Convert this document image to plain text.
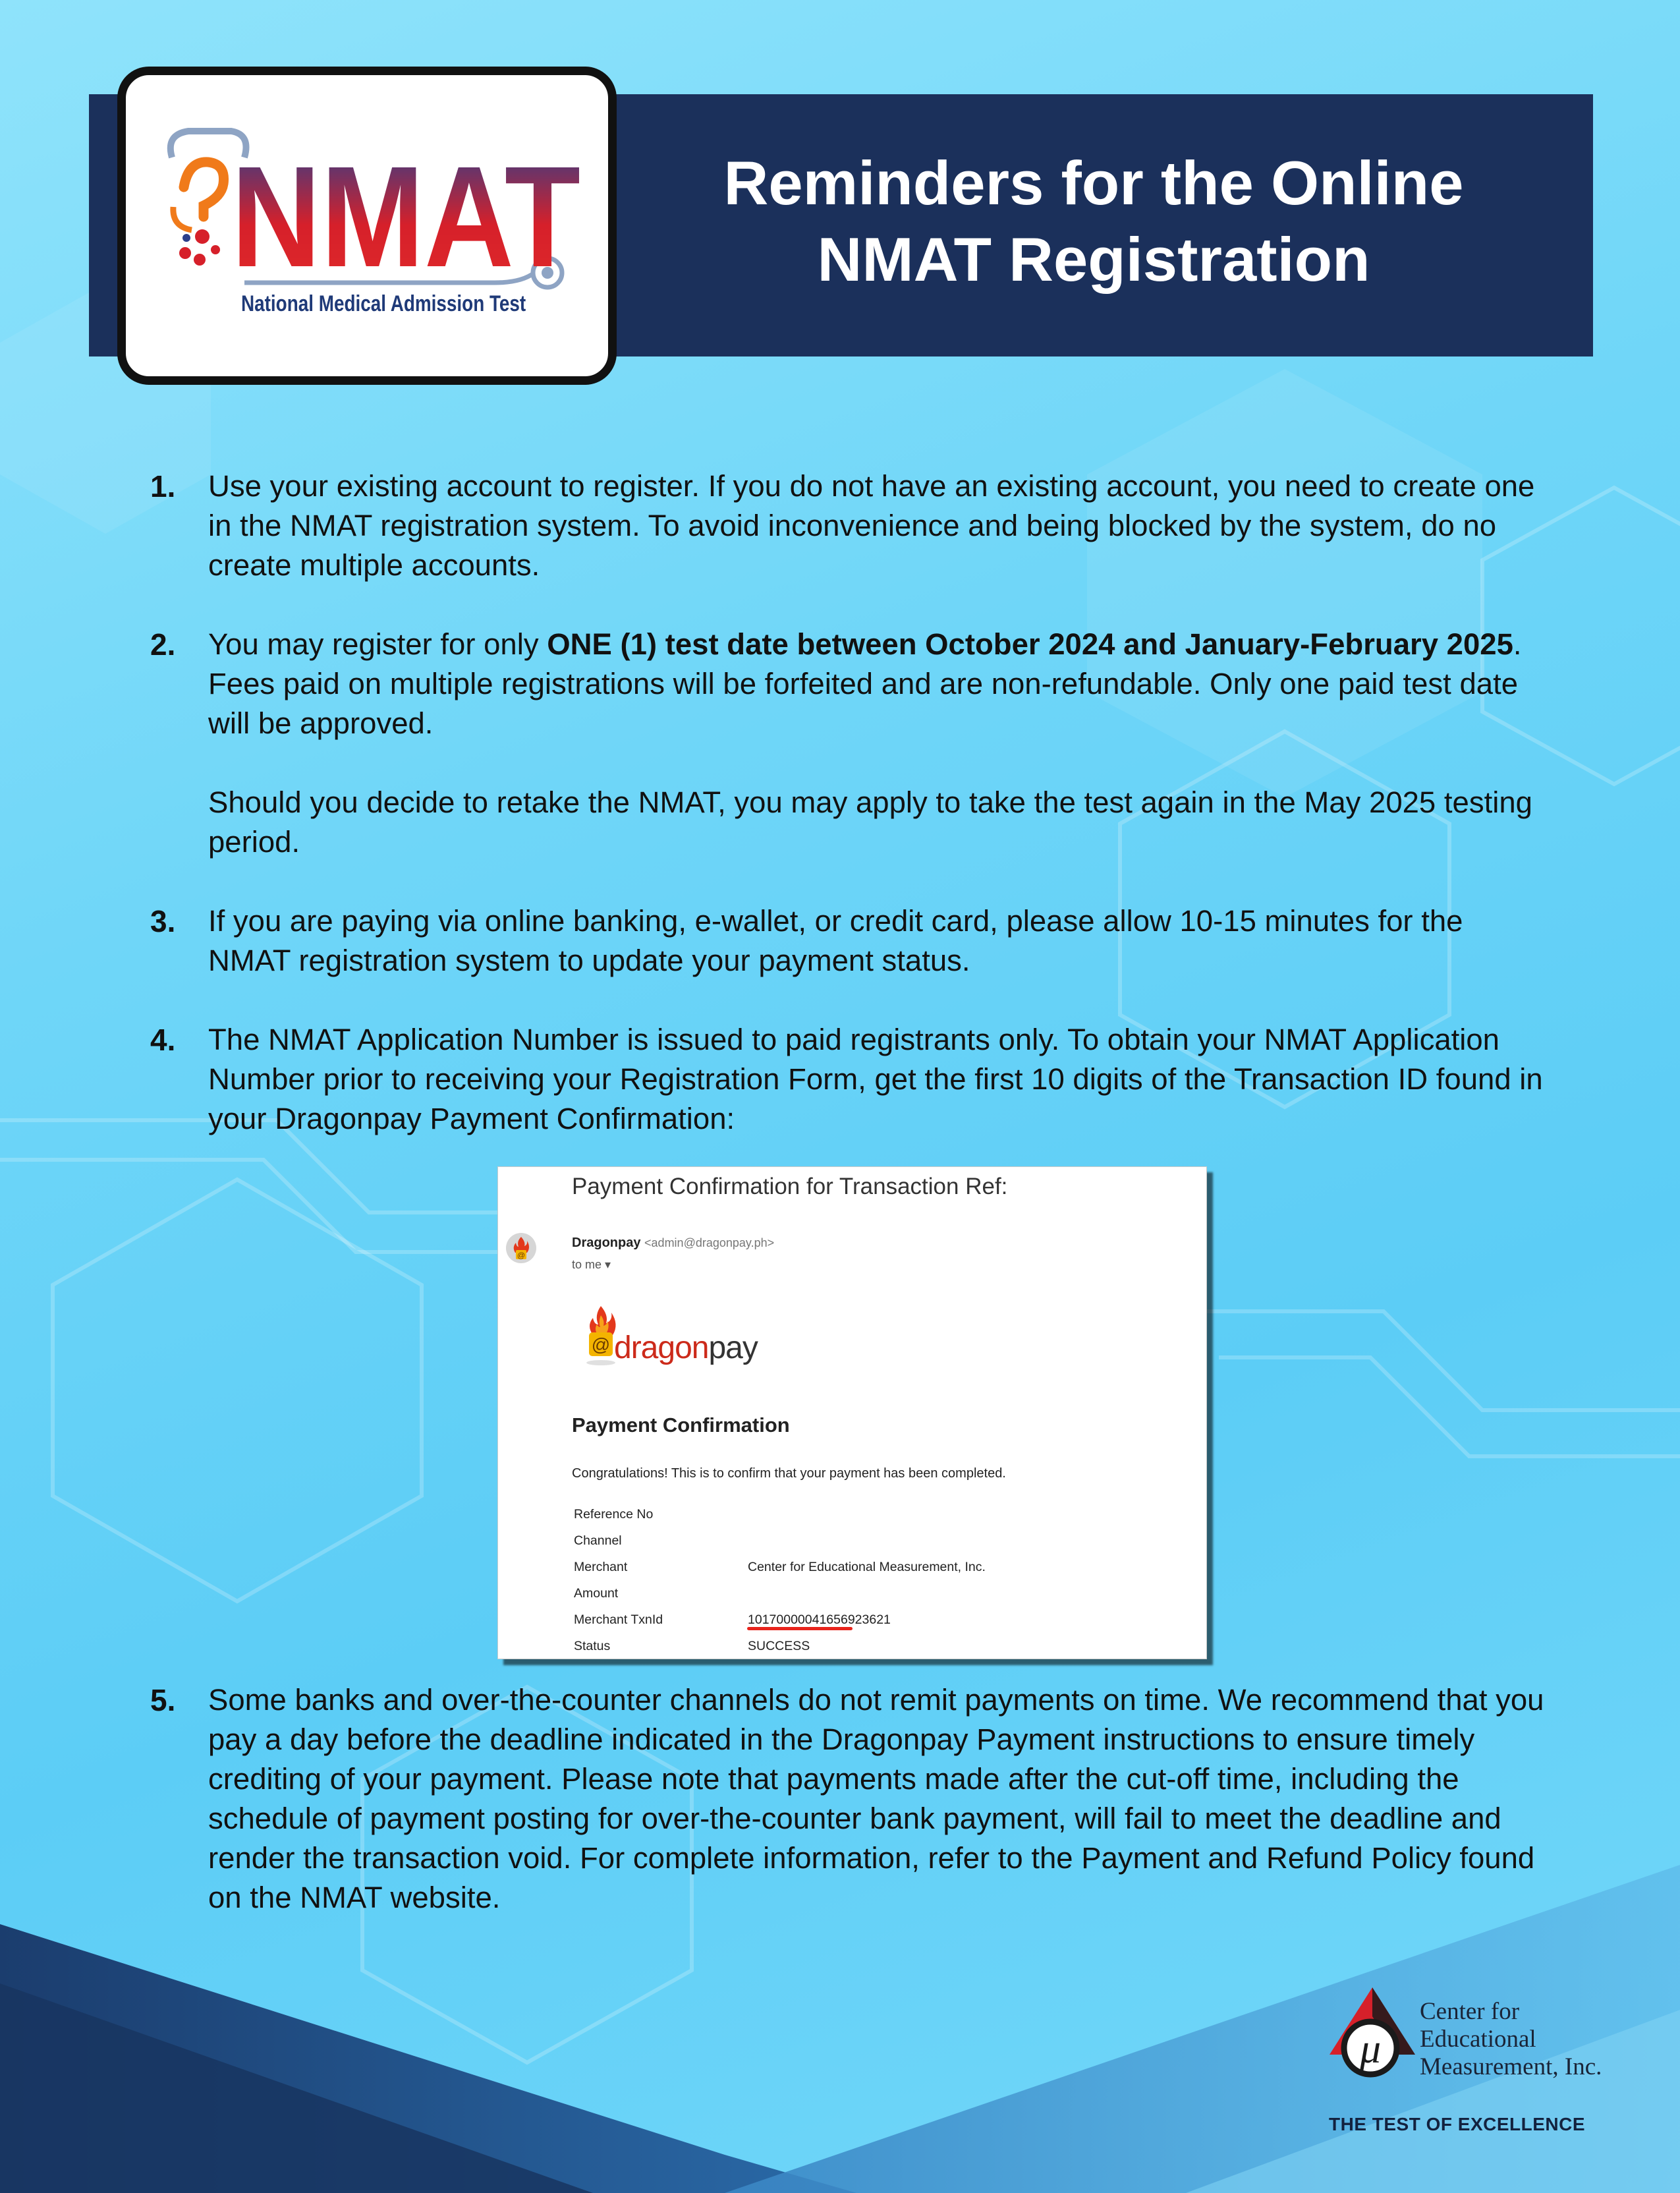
Reminders for the Online
NMAT Registration
NMAT
National Medical Admission Test
1. Use your existing account to register. If you do not have an existing account, you need to create one in the NMAT registration system. To avoid inconvenience and being blocked by the system, do no create multiple accounts.

2. You may register for only ONE (1) test date between October 2024 and January-February 2025. Fees paid on multiple registrations will be forfeited and are non-refundable. Only one paid test date will be approved.

Should you decide to retake the NMAT, you may apply to take the test again in the May 2025 testing period.

3. If you are paying via online banking, e-wallet, or credit card, please allow 10-15 minutes for the NMAT registration system to update your payment status.

4. The NMAT Application Number is issued to paid registrants only. To obtain your NMAT Application Number prior to receiving your Registration Form, get the first 10 digits of the Transaction ID found in your Dragonpay Payment Confirmation:

5. Some banks and over-the-counter channels do not remit payments on time. We recommend that you pay a day before the deadline indicated in the Dragonpay Payment instructions to ensure timely crediting of your payment. Please note that payments made after the cut-off time, including the schedule of payment posting for over-the-counter bank payment, will fail to meet the deadline and render the transaction void. For complete information, refer to the Payment and Refund Policy found on the NMAT website.

Payment Confirmation for Transaction Ref:
@
Dragonpay <admin@dragonpay.ph>
to me ▾
@ dragonpay
Payment Confirmation
Congratulations! This is to confirm that your payment has been completed.
Reference No
Channel
Merchant	Center for Educational Measurement, Inc.
Amount
Merchant TxnId	10170000041656923621
Status	SUCCESS
μ

Center for

Educational

Measurement, Inc.

THE TEST OF EXCELLENCE
